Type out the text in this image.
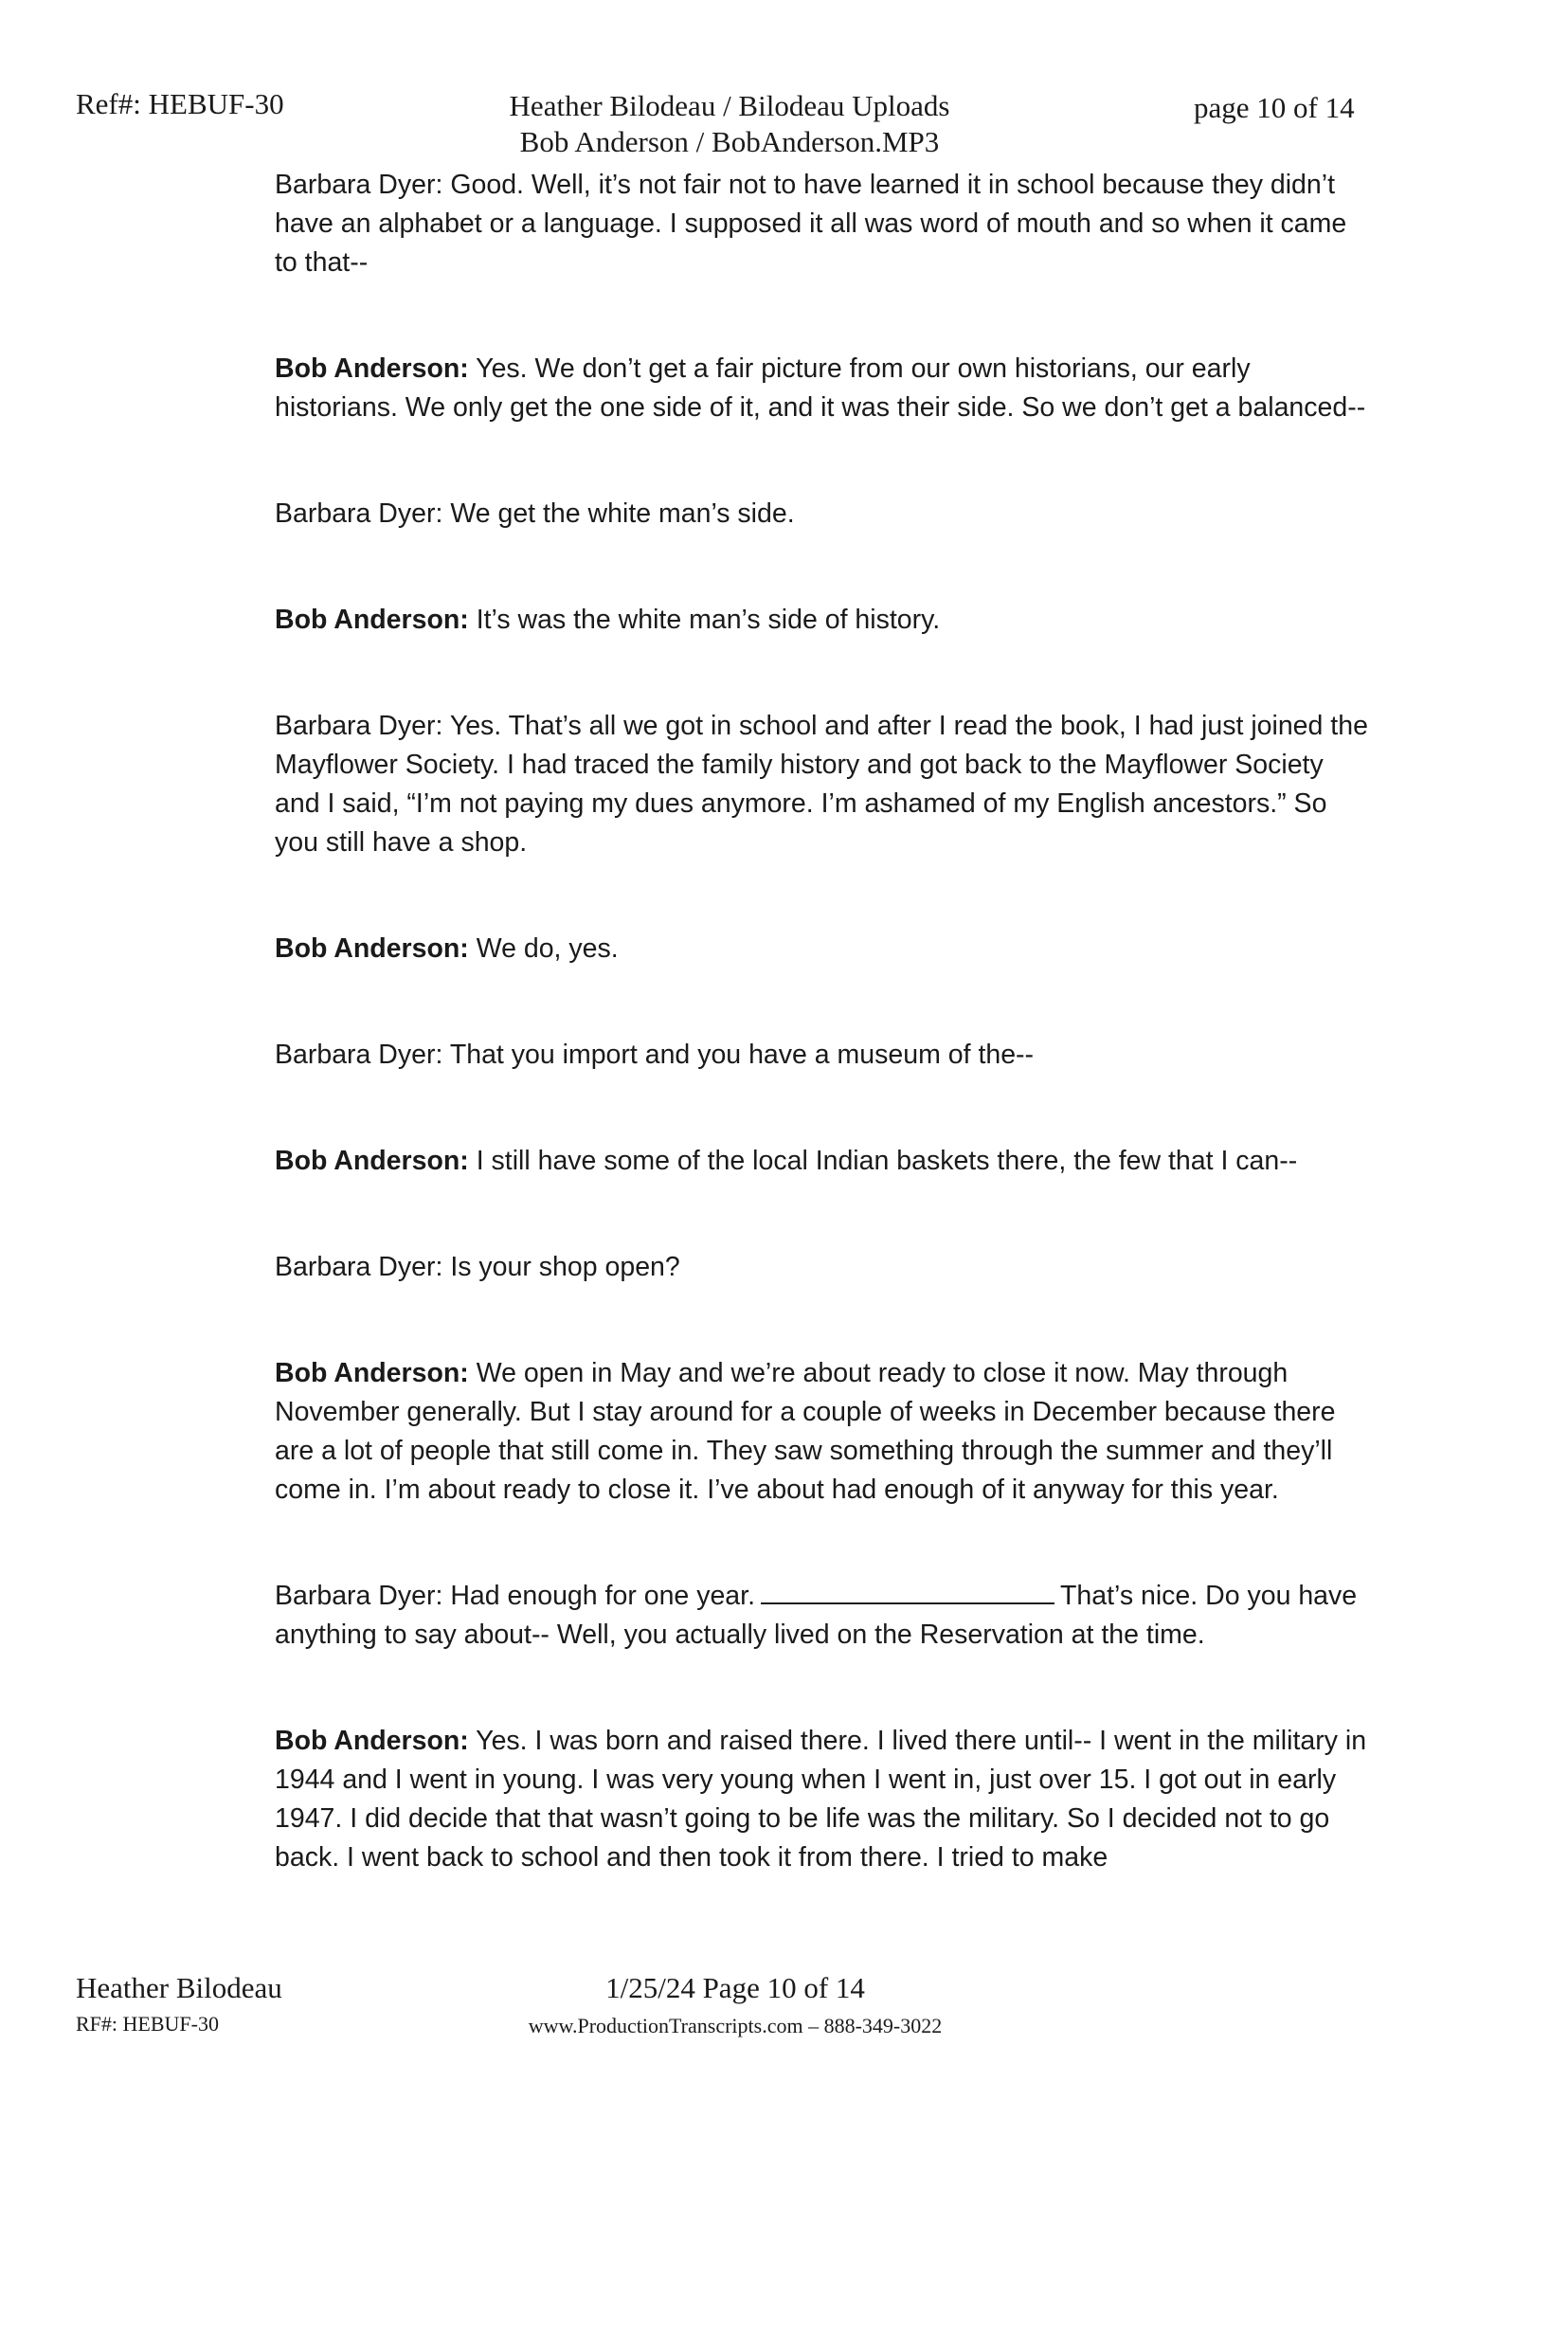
Ref#: HEBUF-30	Heather Bilodeau / Bilodeau Uploads
Bob Anderson / BobAnderson.MP3
page 10 of 14

Barbara Dyer: Good. Well, it’s not fair not to have learned it in school because they didn’t have an alphabet or a language. I supposed it all was word of mouth and so when it came to that--

Bob Anderson: Yes. We don’t get a fair picture from our own historians, our early historians. We only get the one side of it, and it was their side. So we don’t get a balanced--

Barbara Dyer: We get the white man’s side.

Bob Anderson: It’s was the white man’s side of history.

Barbara Dyer: Yes. That’s all we got in school and after I read the book, I had just joined the Mayflower Society. I had traced the family history and got back to the Mayflower Society and I said, “I’m not paying my dues anymore. I’m ashamed of my English ancestors.” So you still have a shop.

Bob Anderson: We do, yes.

Barbara Dyer: That you import and you have a museum of the--

Bob Anderson: I still have some of the local Indian baskets there, the few that I can--

Barbara Dyer: Is your shop open?

Bob Anderson: We open in May and we’re about ready to close it now. May through November generally. But I stay around for a couple of weeks in December because there are a lot of people that still come in. They saw something through the summer and they’ll come in. I’m about ready to close it. I’ve about had enough of it anyway for this year.

Barbara Dyer: Had enough for one year.	That’s nice. Do you have anything to say about-- Well, you actually lived on the Reservation at the time.

Bob Anderson: Yes. I was born and raised there. I lived there until-- I went in the military in 1944 and I went in young. I was very young when I went in, just over 15. I got out in early 1947. I did decide that that wasn’t going to be life was the military. So I decided not to go back. I went back to school and then took it from there. I tried to make

Heather Bilodeau
RF#: HEBUF-30
1/25/24 Page 10 of 14
www.ProductionTranscripts.com – 888-349-3022
